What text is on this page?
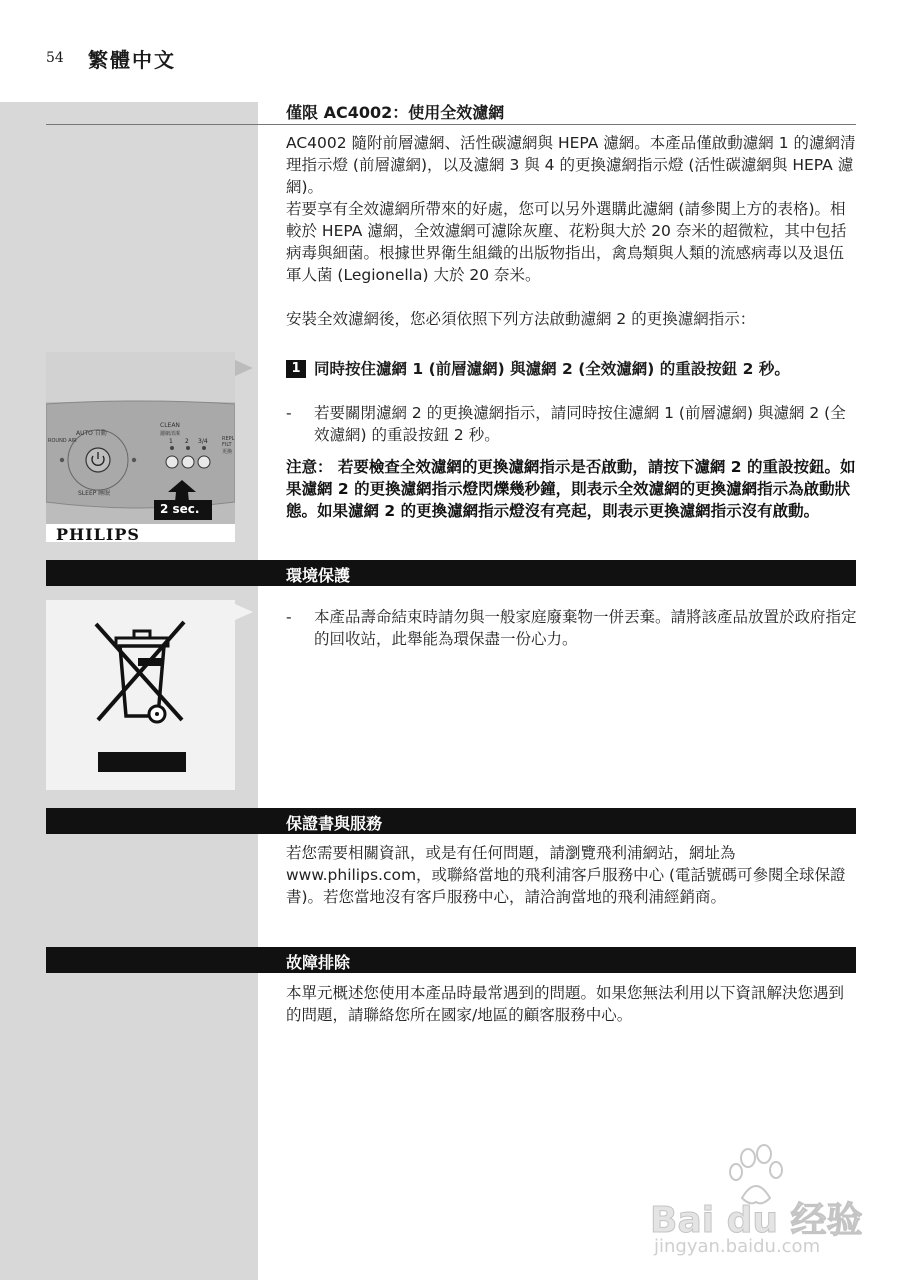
54 繁體中文
僅限 AC4002：使用全效濾網

AC4002 隨附前層濾網、活性碳濾網與 HEPA 濾網。本產品僅啟動濾網 1 的濾網清理指示燈 (前層濾網)，以及濾網 3 與 4 的更換濾網指示燈 (活性碳濾網與 HEPA 濾網)。

若要享有全效濾網所帶來的好處，您可以另外選購此濾網 (請參閱上方的表格)。相較於 HEPA 濾網，全效濾網可濾除灰塵、花粉與大於 20 奈米的超微粒，其中包括病毒與細菌。根據世界衛生組織的出版物指出，禽鳥類與人類的流感病毒以及退伍軍人菌 (Legionella) 大於 20 奈米。

安裝全效濾網後，您必須依照下列方法啟動濾網 2 的更換濾網指示：

1 同時按住濾網 1 (前層濾網) 與濾網 2 (全效濾網) 的重設按鈕 2 秒。
- 若要關閉濾網 2 的更換濾網指示，請同時按住濾網 1 (前層濾網) 與濾網 2 (全效濾網) 的重設按鈕 2 秒。

注意： 若要檢查全效濾網的更換濾網指示是否啟動，請按下濾網 2 的重設按鈕。如果濾網 2 的更換濾網指示燈閃爍幾秒鐘，則表示全效濾網的更換濾網指示為啟動狀態。如果濾網 2 的更換濾網指示燈沒有亮起，則表示更換濾網指示沒有啟動。

AUTO 自動
SLEEP 睡眠
ROUND AIR
CLEAN
濾網清潔
REPL
FILT
更換
1 2 3/4
2 sec.
PHILIPS
環境保護
- 本產品壽命結束時請勿與一般家庭廢棄物一併丟棄。請將該產品放置於政府指定的回收站，此舉能為環保盡一份心力。
保證書與服務

若您需要相關資訊，或是有任何問題，請瀏覽飛利浦網站，網址為 www.philips.com，或聯絡當地的飛利浦客戶服務中心 (電話號碼可參閱全球保證書)。若您當地沒有客戶服務中心，請洽詢當地的飛利浦經銷商。

故障排除

本單元概述您使用本產品時最常遇到的問題。如果您無法利用以下資訊解決您遇到的問題，請聯絡您所在國家/地區的顧客服務中心。

Bai du 经验
jingyan.baidu.com
